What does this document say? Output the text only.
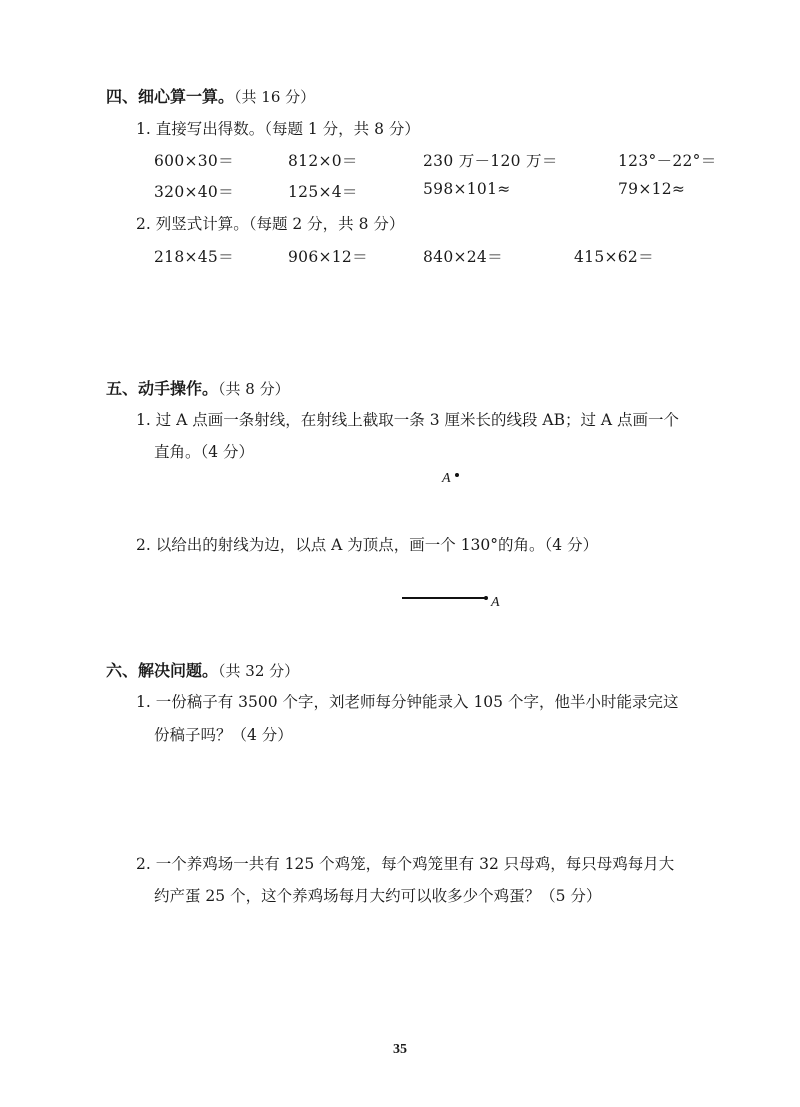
四、细心算一算。（共 16 分）
1. 直接写出得数。（每题 1 分，共 8 分）
600×30＝	812×0＝	230 万－120 万＝	123°－22°＝
320×40＝	125×4＝	598×101≈	79×12≈
2. 列竖式计算。（每题 2 分，共 8 分）
218×45＝	906×12＝	840×24＝	415×62＝
五、动手操作。（共 8 分）
1. 过 A 点画一条射线，在射线上截取一条 3 厘米长的线段 AB；过 A 点画一个
直角。（4 分）
A
2. 以给出的射线为边，以点 A 为顶点，画一个 130°的角。（4 分）
A
六、解决问题。（共 32 分）
1. 一份稿子有 3500 个字，刘老师每分钟能录入 105 个字，他半小时能录完这
份稿子吗？（4 分）
2. 一个养鸡场一共有 125 个鸡笼，每个鸡笼里有 32 只母鸡，每只母鸡每月大
约产蛋 25 个，这个养鸡场每月大约可以收多少个鸡蛋？（5 分）
35
